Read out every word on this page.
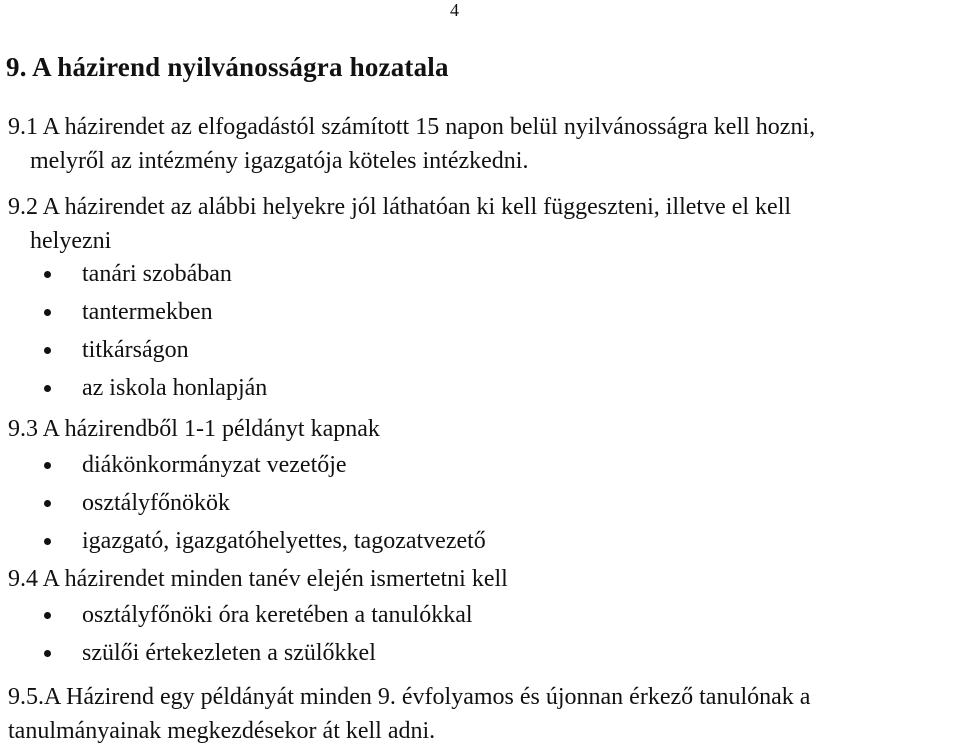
4
9. A házirend nyilvánosságra hozatala
9.1 A házirendet az elfogadástól számított 15 napon belül nyilvánosságra kell hozni,
melyről az intézmény igazgatója köteles intézkedni.
9.2 A házirendet az alábbi helyekre jól láthatóan ki kell függeszteni, illetve el kell
helyezni
tanári szobában
tantermekben
titkárságon
az iskola honlapján
9.3 A házirendből 1-1 példányt kapnak
diákönkormányzat vezetője
osztályfőnökök
igazgató, igazgatóhelyettes, tagozatvezető
9.4 A házirendet minden tanév elején ismertetni kell
osztályfőnöki óra keretében a tanulókkal
szülői értekezleten a szülőkkel
9.5.A Házirend egy példányát minden 9. évfolyamos és újonnan érkező tanulónak a
tanulmányainak megkezdésekor át kell adni.
